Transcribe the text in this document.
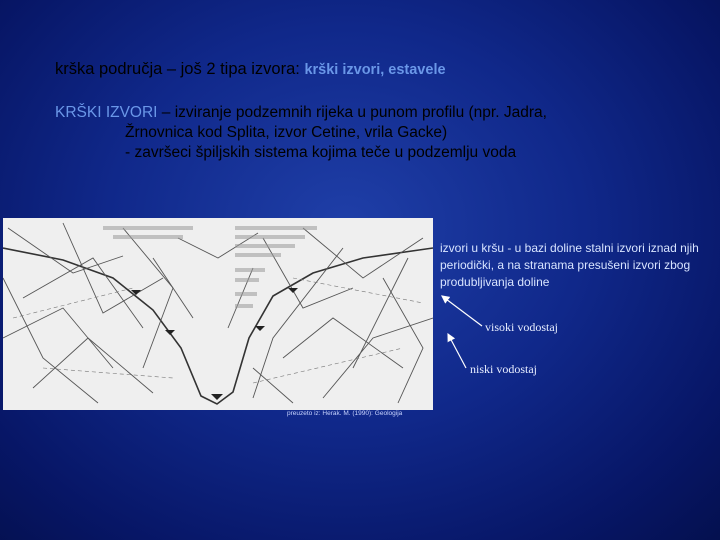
krška područja – još 2 tipa izvora: krški izvori, estavele
KRŠKI IZVORI – izviranje podzemnih rijeka u punom profilu (npr. Jadra,
Žrnovnica kod Splita, izvor Cetine, vrila Gacke)
- završeci špiljskih sistema kojima teče u podzemlju voda
preuzeto iz: Herak. M. (1990): Geologija
izvori u kršu - u bazi doline stalni izvori iznad njih periodički, a na stranama presušeni izvori zbog produbljivanja doline
visoki vodostaj
niski vodostaj
